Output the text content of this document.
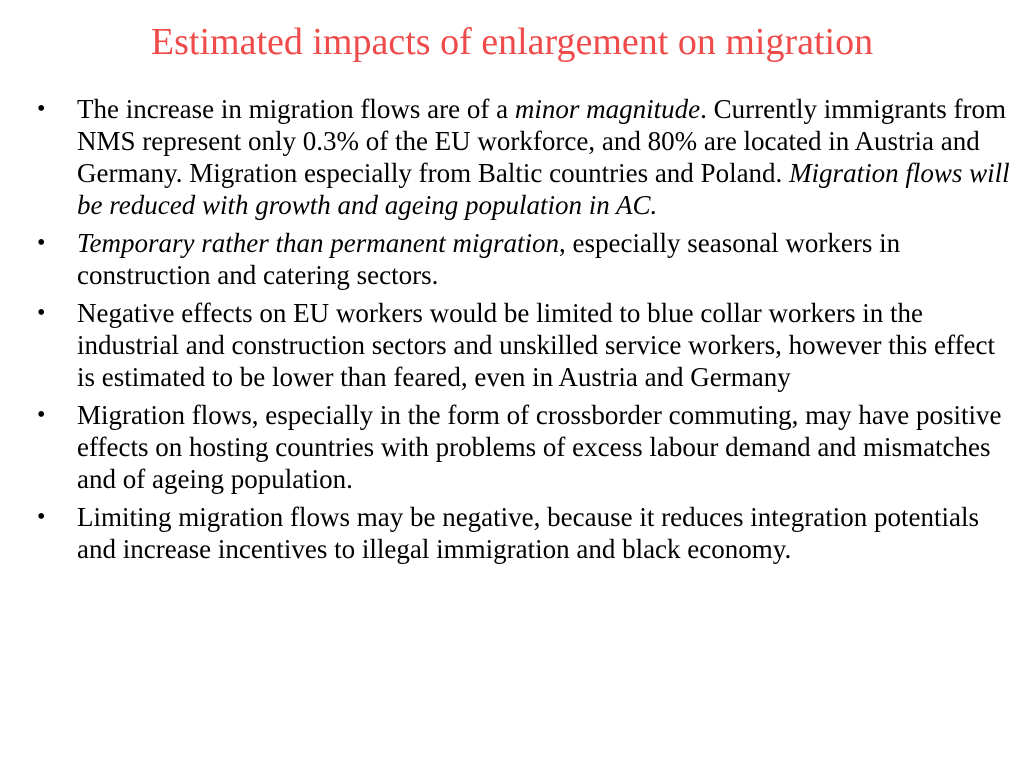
Estimated impacts of enlargement on migration
• The increase in migration flows are of a minor magnitude. Currently immigrants from NMS represent only 0.3% of the EU workforce, and 80% are located in Austria and Germany. Migration especially from Baltic countries and Poland. Migration flows will be reduced with growth and ageing population in AC.
• Temporary rather than permanent migration, especially seasonal workers in construction and catering sectors.
• Negative effects on EU workers would be limited to blue collar workers in the industrial and construction sectors and unskilled service workers, however this effect is estimated to be lower than feared, even in Austria and Germany
• Migration flows, especially in the form of crossborder commuting, may have positive effects on hosting countries with problems of excess labour demand and mismatches and of ageing population.
• Limiting migration flows may be negative, because it reduces integration potentials and increase incentives to illegal immigration and black economy.
